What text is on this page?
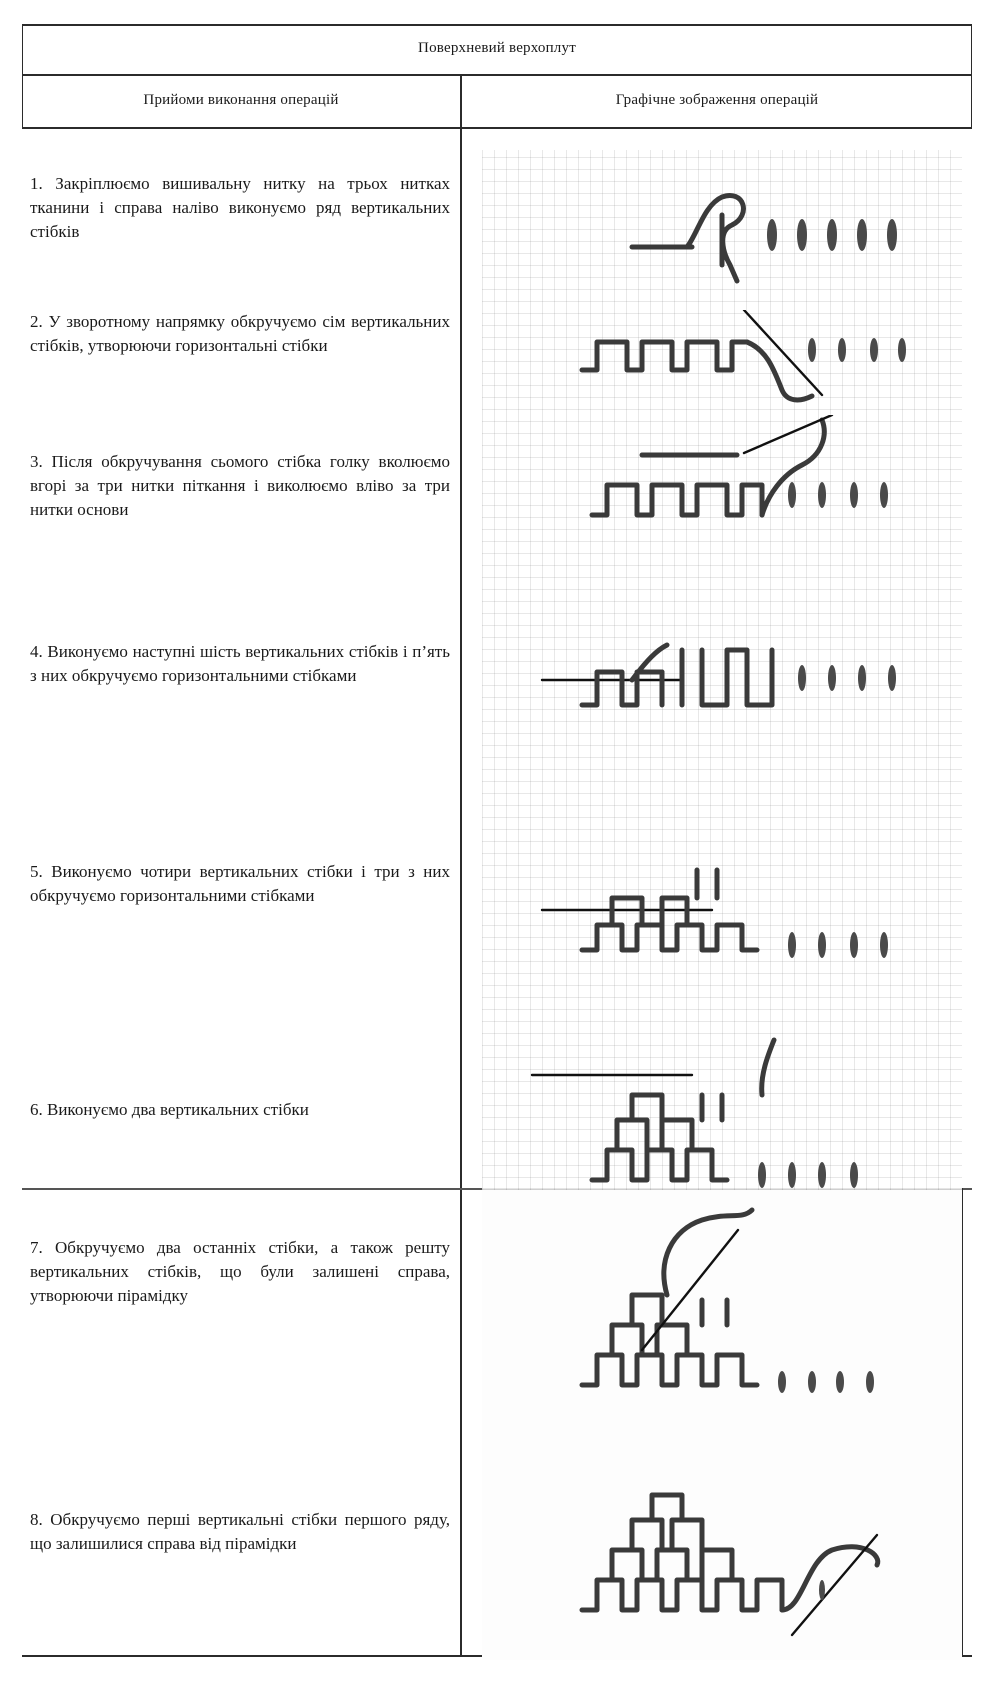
Поверхневий верхоплут
Прийоми виконання операцій	Графічне зображення операцій
1. Закріплюємо вишивальну нитку на трьох нитках тканини і справа наліво виконуємо ряд вертикальних стібків
2. У зворотному напрямку обкручуємо сім вертикальних стібків, утворюючи горизонтальні стібки
3. Після обкручування сьомого стібка голку вколюємо вгорі за три нитки піткання і виколюємо вліво за три нитки основи
4. Виконуємо наступні шість вертикальних стібків і п’ять з них обкручуємо горизонтальними стібками
5. Виконуємо чотири вертикальних стібки і три з них обкручуємо горизонтальними стібками
6. Виконуємо два вертикальних стібки
7. Обкручуємо два останніх стібки, а також решту вертикальних стібків, що були залишені справа, утворюючи пірамідку
8. Обкручуємо перші вертикальні стібки першого ряду, що залишилися справа від пірамідки
